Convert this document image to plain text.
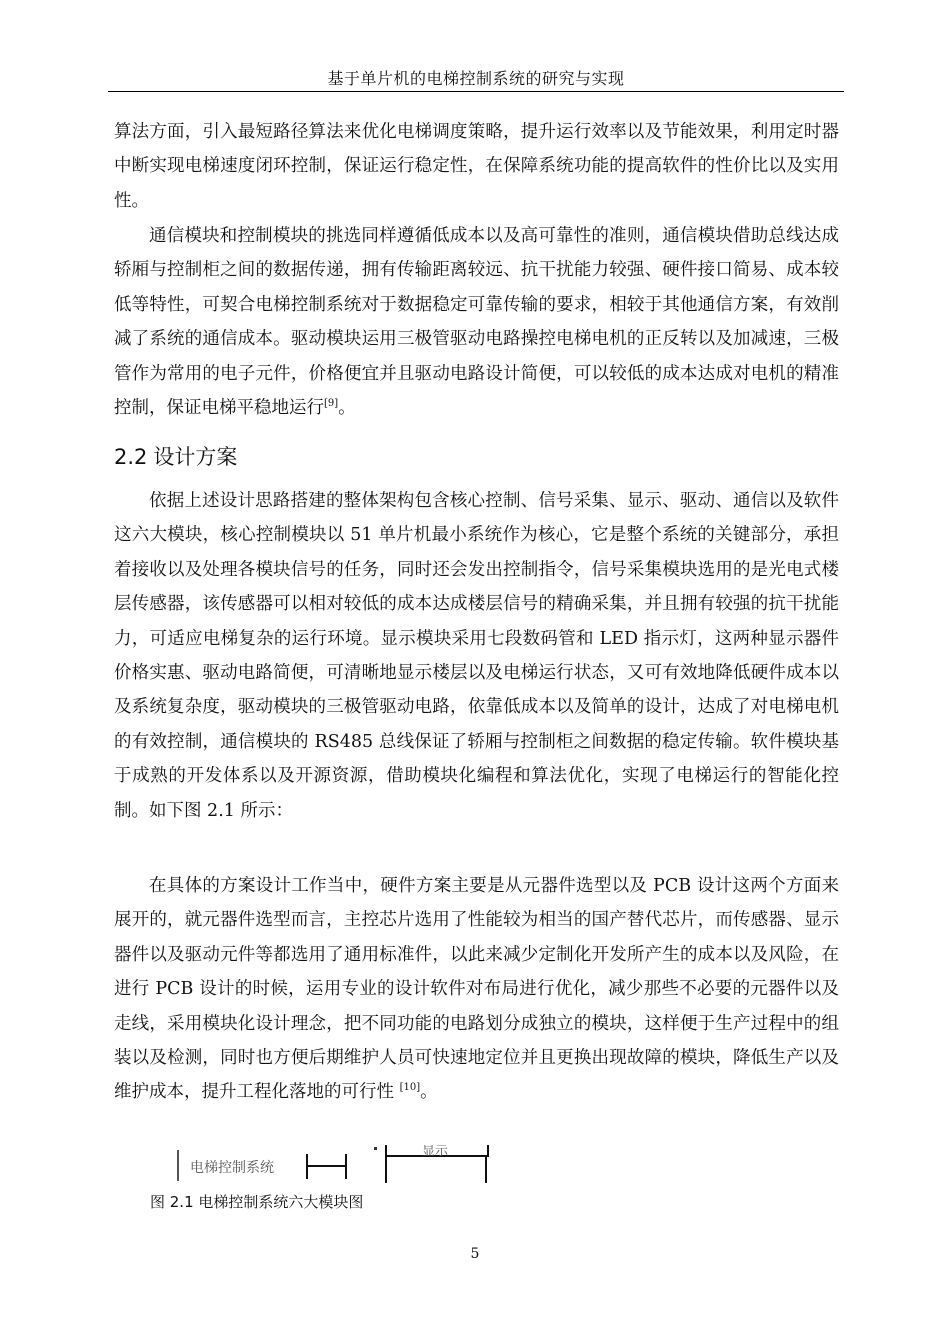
基于单片机的电梯控制系统的研究与实现

算法方面，引入最短路径算法来优化电梯调度策略，提升运行效率以及节能效果，利用定时器中断实现电梯速度闭环控制，保证运行稳定性，在保障系统功能的提高软件的性价比以及实用性。

通信模块和控制模块的挑选同样遵循低成本以及高可靠性的准则，通信模块借助总线达成轿厢与控制柜之间的数据传递，拥有传输距离较远、抗干扰能力较强、硬件接口简易、成本较低等特性，可契合电梯控制系统对于数据稳定可靠传输的要求，相较于其他通信方案，有效削减了系统的通信成本。驱动模块运用三极管驱动电路操控电梯电机的正反转以及加减速，三极管作为常用的电子元件，价格便宜并且驱动电路设计简便，可以较低的成本达成对电机的精准控制，保证电梯平稳地运行[9]。

2.2 设计方案

依据上述设计思路搭建的整体架构包含核心控制、信号采集、显示、驱动、通信以及软件这六大模块，核心控制模块以 51 单片机最小系统作为核心，它是整个系统的关键部分，承担着接收以及处理各模块信号的任务，同时还会发出控制指令，信号采集模块选用的是光电式楼层传感器，该传感器可以相对较低的成本达成楼层信号的精确采集，并且拥有较强的抗干扰能力，可适应电梯复杂的运行环境。显示模块采用七段数码管和 LED 指示灯，这两种显示器件价格实惠、驱动电路简便，可清晰地显示楼层以及电梯运行状态，又可有效地降低硬件成本以及系统复杂度，驱动模块的三极管驱动电路，依靠低成本以及简单的设计，达成了对电梯电机的有效控制，通信模块的 RS485 总线保证了轿厢与控制柜之间数据的稳定传输。软件模块基于成熟的开发体系以及开源资源，借助模块化编程和算法优化，实现了电梯运行的智能化控制。如下图 2.1 所示：

在具体的方案设计工作当中，硬件方案主要是从元器件选型以及 PCB 设计这两个方面来展开的，就元器件选型而言，主控芯片选用了性能较为相当的国产替代芯片，而传感器、显示器件以及驱动元件等都选用了通用标准件，以此来减少定制化开发所产生的成本以及风险，在进行 PCB 设计的时候，运用专业的设计软件对布局进行优化，减少那些不必要的元器件以及走线，采用模块化设计理念，把不同功能的电路划分成独立的模块，这样便于生产过程中的组装以及检测，同时也方便后期维护人员可快速地定位并且更换出现故障的模块，降低生产以及维护成本，提升工程化落地的可行性 [10]。

电梯控制系统
显示
图 2.1 电梯控制系统六大模块图
5
